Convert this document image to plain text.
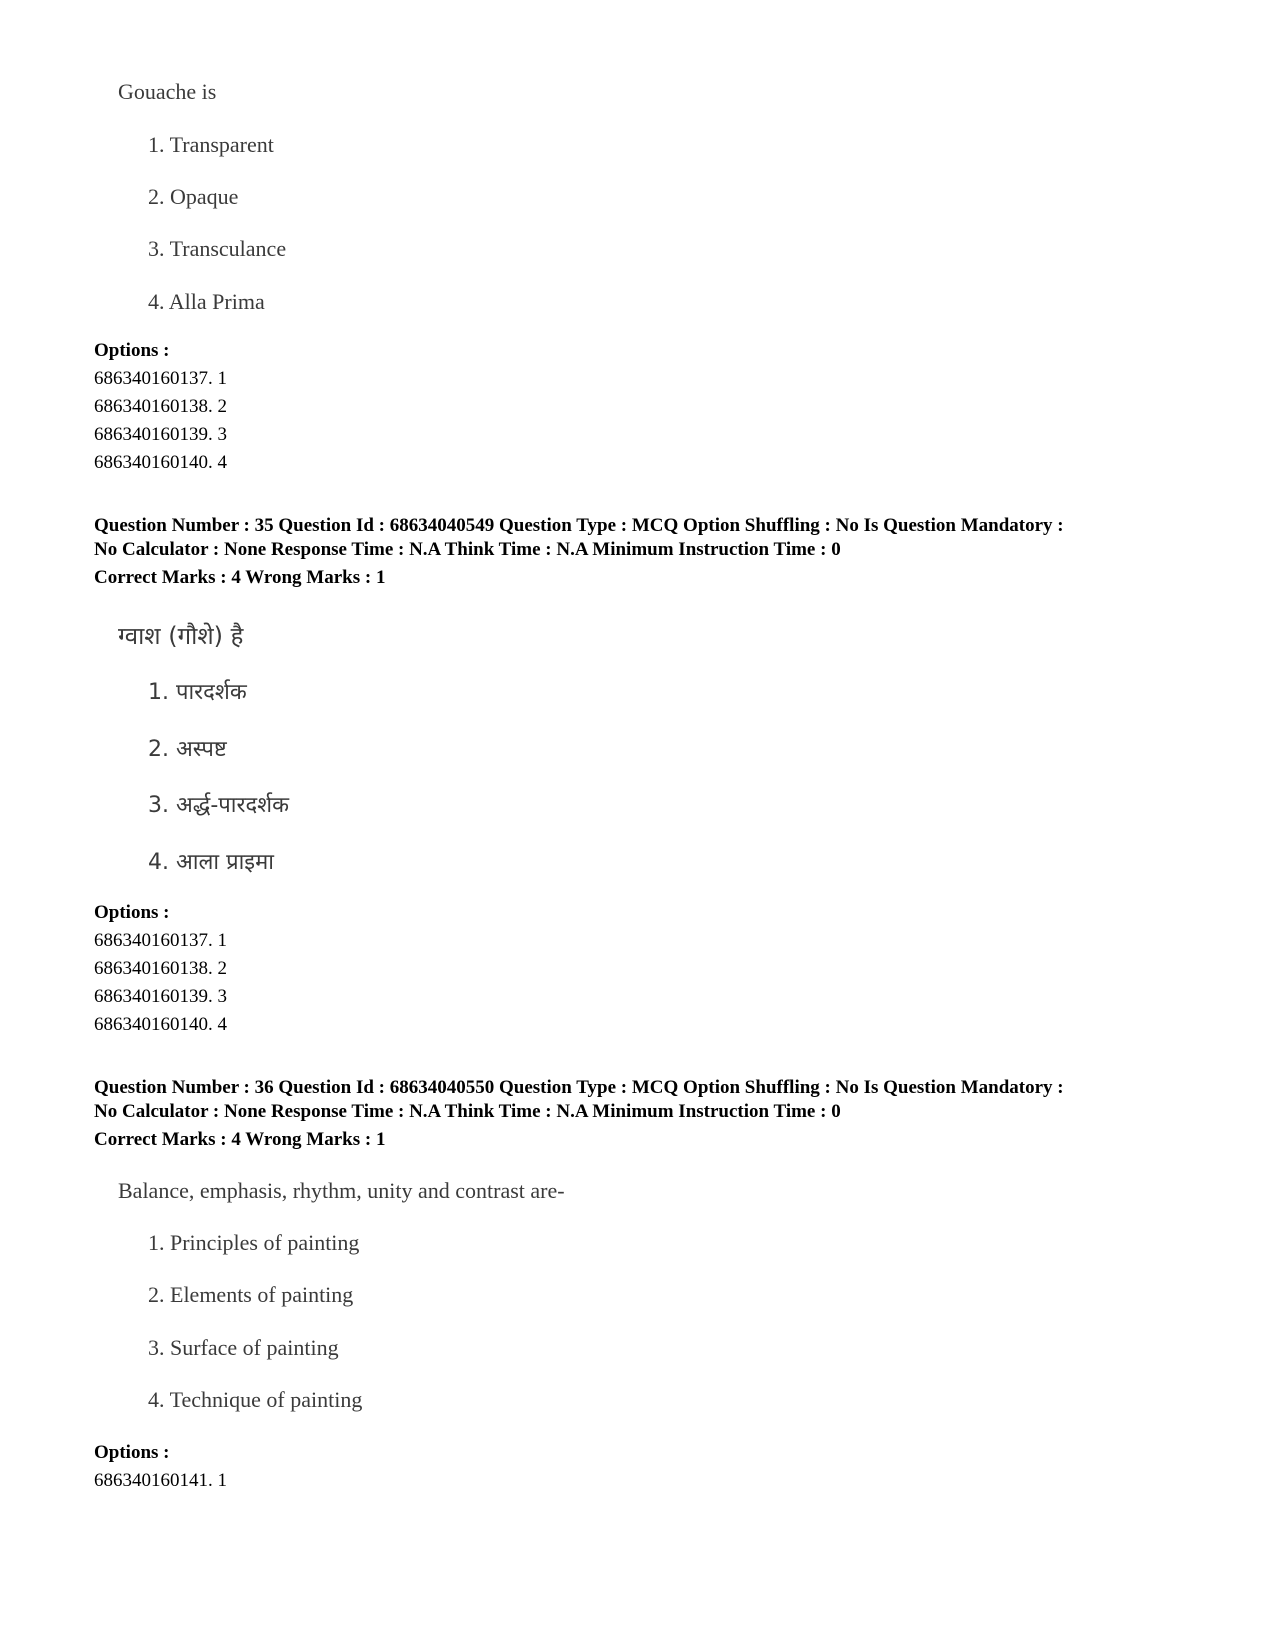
Gouache is
1. Transparent
2. Opaque
3. Transculance
4. Alla Prima
Options :
686340160137. 1
686340160138. 2
686340160139. 3
686340160140. 4
Question Number : 35 Question Id : 68634040549 Question Type : MCQ Option Shuffling : No Is Question Mandatory :
No Calculator : None Response Time : N.A Think Time : N.A Minimum Instruction Time : 0
Correct Marks : 4 Wrong Marks : 1
ग्वाश (गौशे) है
1. पारदर्शक
2. अस्पष्ट
3. अर्द्ध-पारदर्शक
4. आला प्राइमा
Options :
686340160137. 1
686340160138. 2
686340160139. 3
686340160140. 4
Question Number : 36 Question Id : 68634040550 Question Type : MCQ Option Shuffling : No Is Question Mandatory :
No Calculator : None Response Time : N.A Think Time : N.A Minimum Instruction Time : 0
Correct Marks : 4 Wrong Marks : 1
Balance, emphasis, rhythm, unity and contrast are-
1. Principles of painting
2. Elements of painting
3. Surface of painting
4. Technique of painting
Options :
686340160141. 1
